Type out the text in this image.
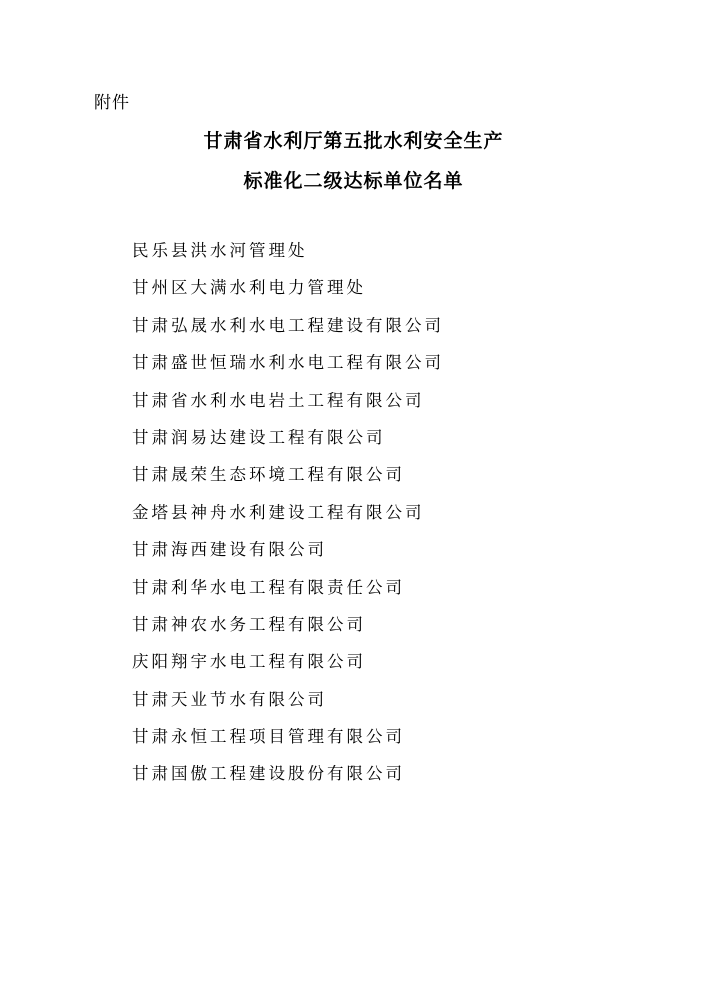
附件
甘肃省水利厅第五批水利安全生产
标准化二级达标单位名单
民乐县洪水河管理处
甘州区大满水利电力管理处
甘肃弘晟水利水电工程建设有限公司
甘肃盛世恒瑞水利水电工程有限公司
甘肃省水利水电岩土工程有限公司
甘肃润易达建设工程有限公司
甘肃晟荣生态环境工程有限公司
金塔县神舟水利建设工程有限公司
甘肃海西建设有限公司
甘肃利华水电工程有限责任公司
甘肃神农水务工程有限公司
庆阳翔宇水电工程有限公司
甘肃天业节水有限公司
甘肃永恒工程项目管理有限公司
甘肃国傲工程建设股份有限公司
